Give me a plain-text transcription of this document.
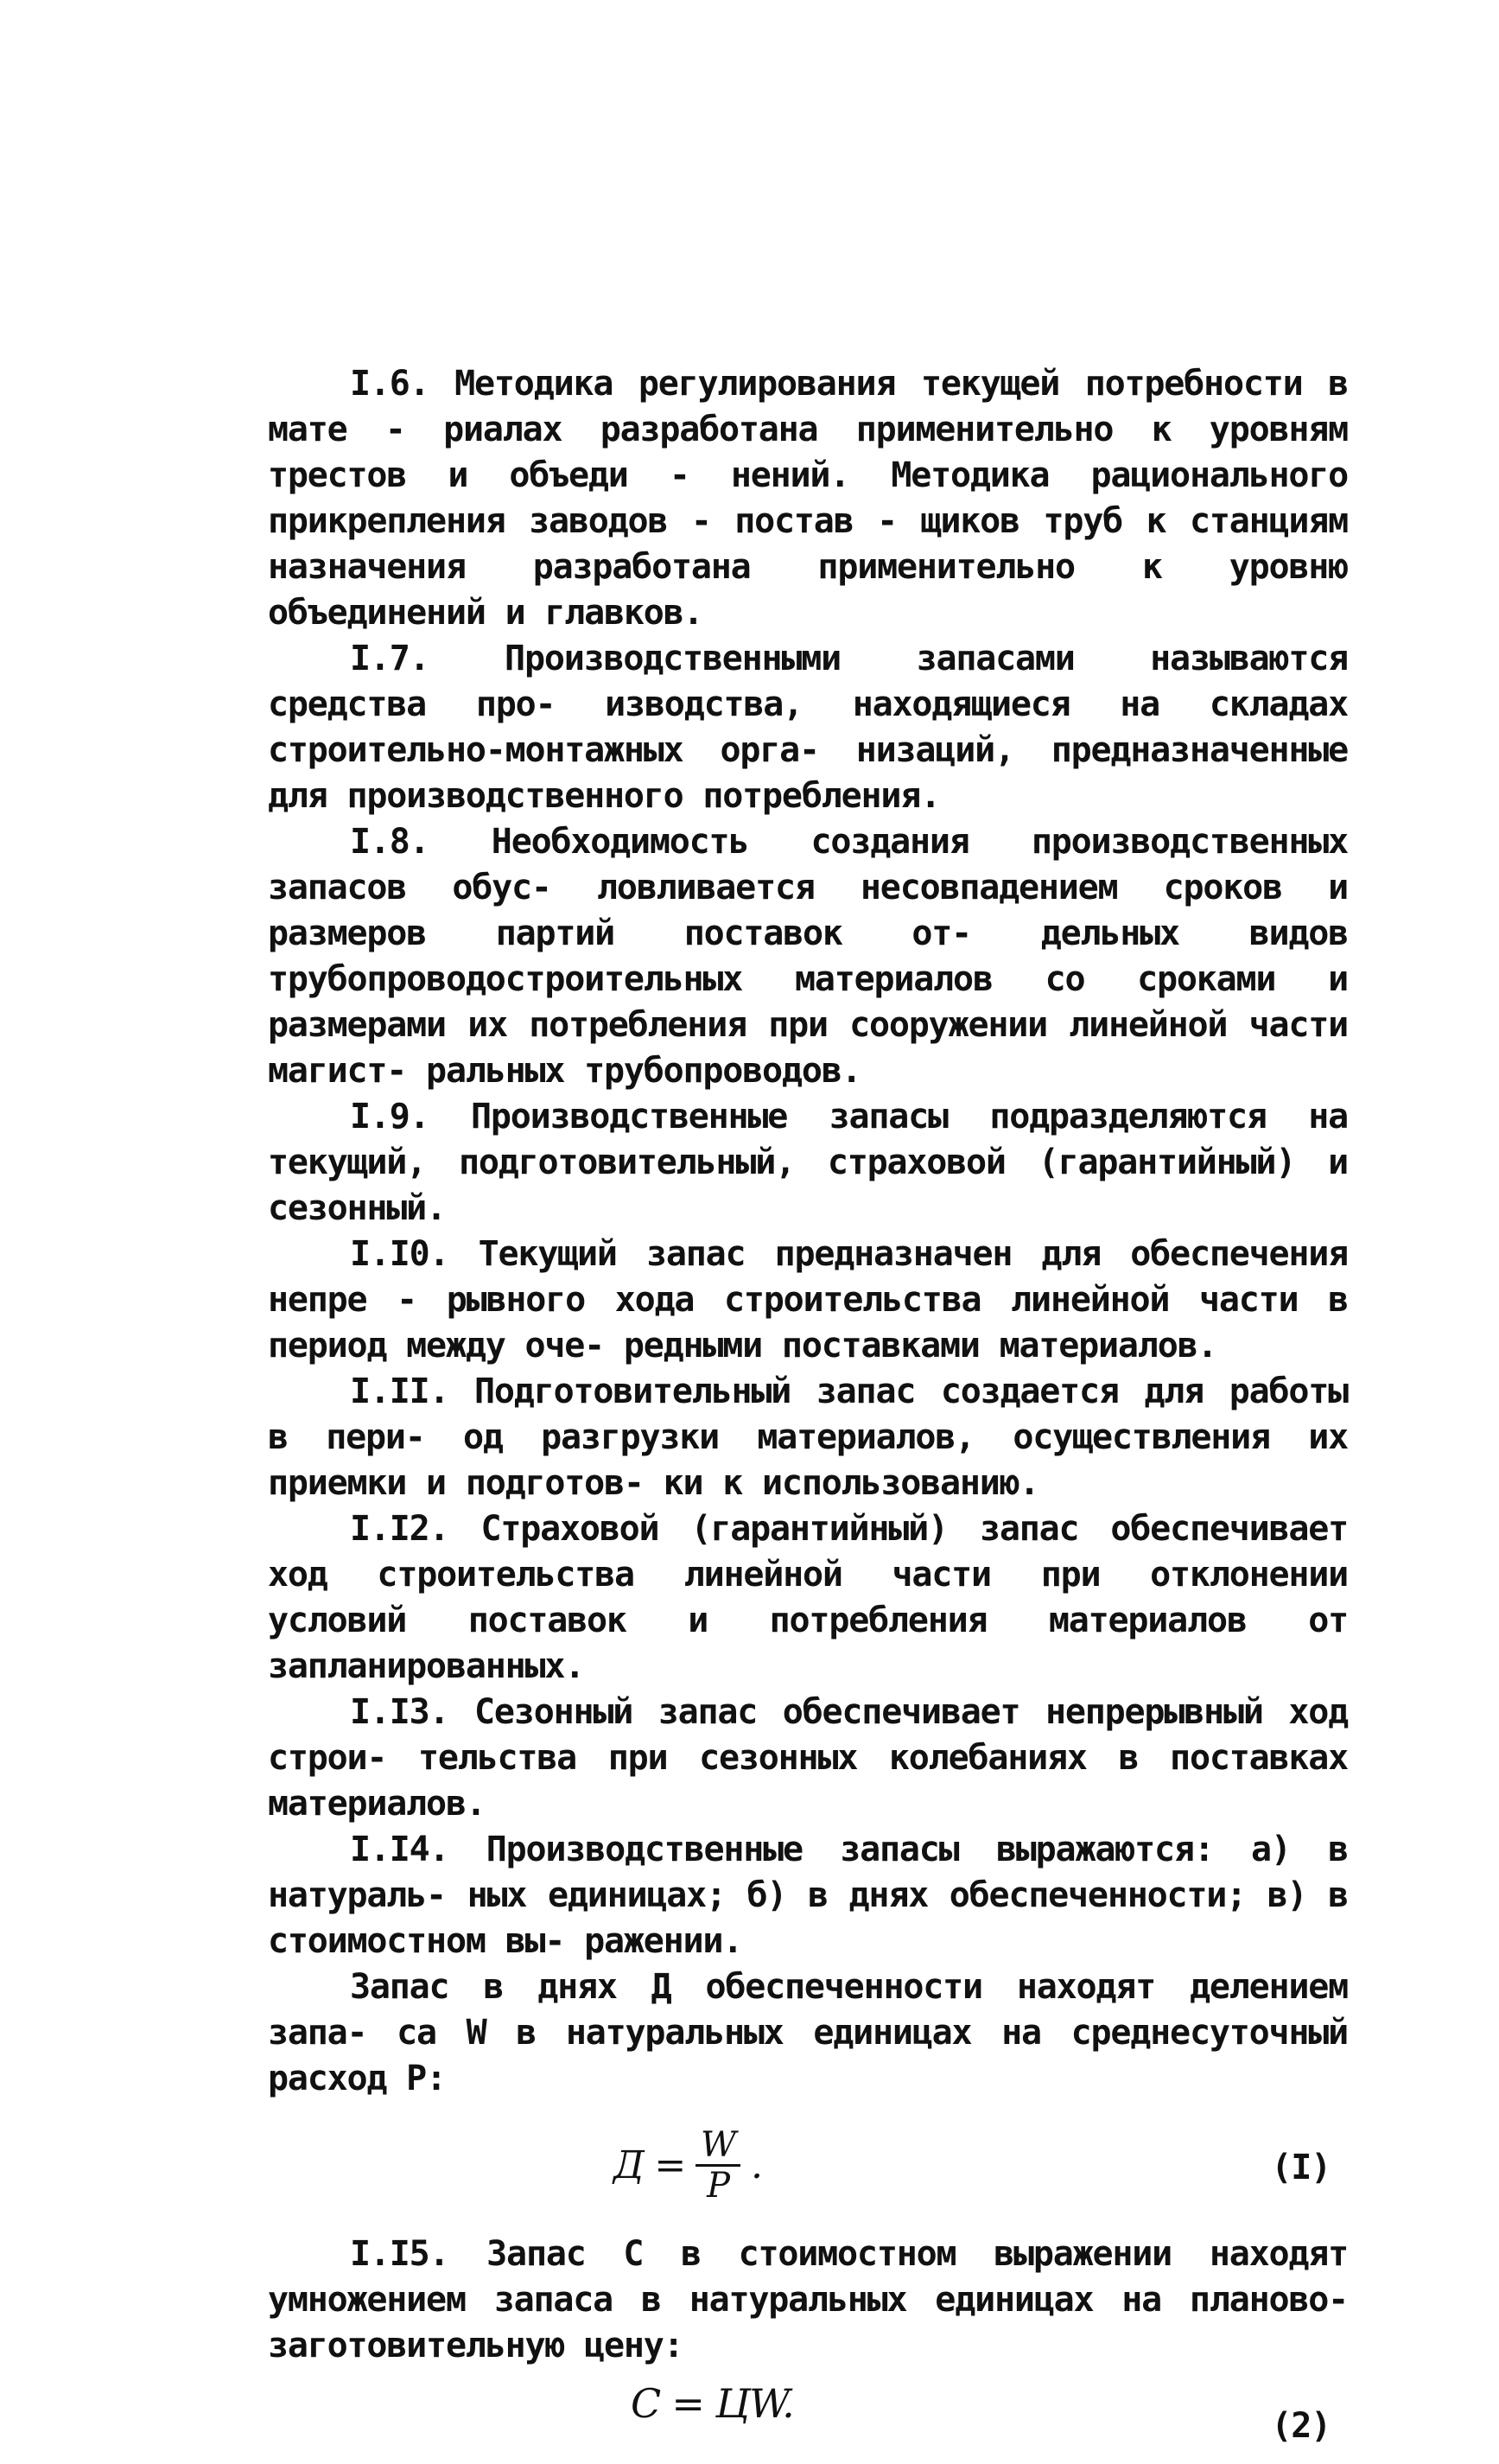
I.6. Методика регулирования текущей потребности в мате - риалах разработана применительно к уровням трестов и объеди - нений. Методика рационального прикрепления заводов - постав - щиков труб к станциям назначения разработана применительно к уровню объединений и главков.

I.7. Производственными запасами называются средства про- изводства, находящиеся на складах строительно-монтажных орга- низаций, предназначенные для производственного потребления.

I.8. Необходимость создания производственных запасов обус- ловливается несовпадением сроков и размеров партий поставок от- дельных видов трубопроводостроительных материалов со сроками и размерами их потребления при сооружении линейной части магист- ральных трубопроводов.

I.9. Производственные запасы подразделяются на текущий, подготовительный, страховой (гарантийный) и сезонный.

I.I0. Текущий запас предназначен для обеспечения непре - рывного хода строительства линейной части в период между оче- редными поставками материалов.

I.II. Подготовительный запас создается для работы в пери- од разгрузки материалов, осуществления их приемки и подготов- ки к использованию.

I.I2. Страховой (гарантийный) запас обеспечивает ход строительства линейной части при отклонении условий поставок и потребления материалов от запланированных.

I.I3. Сезонный запас обеспечивает непрерывный ход строи- тельства при сезонных колебаниях в поставках материалов.

I.I4. Производственные запасы выражаются: а) в натураль- ных единицах; б) в днях обеспеченности; в) в стоимостном вы- ражении.

Запас в днях Д обеспеченности находят делением запа- са W в натуральных единицах на среднесуточный расход P:

$Д = \frac{W}{P}$ .	(I)

I.I5. Запас С в стоимостном выражении находят умножением запаса в натуральных единицах на планово-заготовительную цену:

C = ЦW.	(2)
